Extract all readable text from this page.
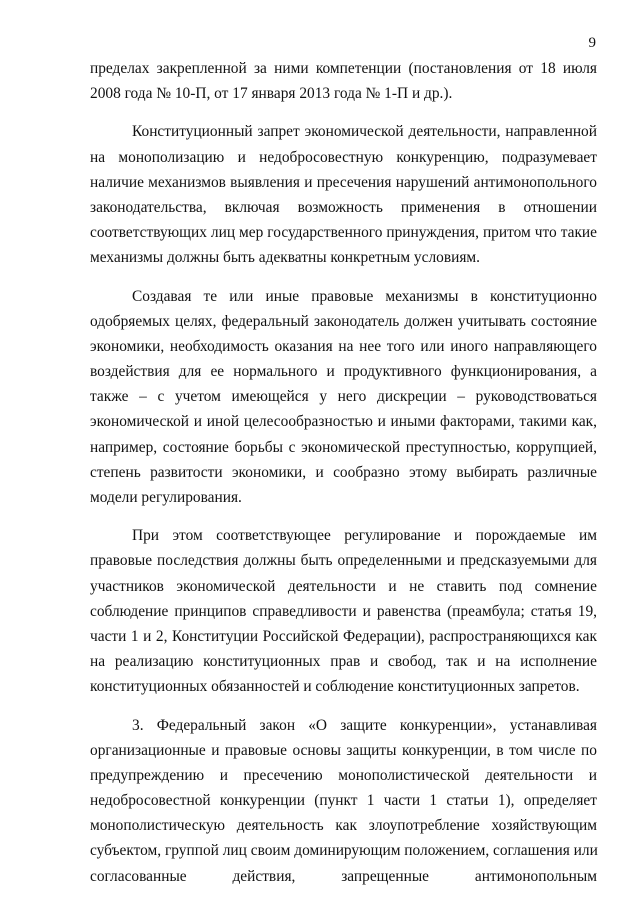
9

пределах закрепленной за ними компетенции (постановления от 18 июля
2008 года № 10-П, от 17 января 2013 года № 1-П и др.).

Конституционный запрет экономической деятельности, направленной
на монополизацию и недобросовестную конкуренцию, подразумевает
наличие механизмов выявления и пресечения нарушений антимонопольного
законодательства, включая возможность применения в отношении
соответствующих лиц мер государственного принуждения, притом что такие
механизмы должны быть адекватны конкретным условиям.

Создавая те или иные правовые механизмы в конституционно
одобряемых целях, федеральный законодатель должен учитывать состояние
экономики, необходимость оказания на нее того или иного направляющего
воздействия для ее нормального и продуктивного функционирования, а
также – с учетом имеющейся у него дискреции – руководствоваться
экономической и иной целесообразностью и иными факторами, такими как,
например, состояние борьбы с экономической преступностью, коррупцией,
степень развитости экономики, и сообразно этому выбирать различные
модели регулирования.

При этом соответствующее регулирование и порождаемые им
правовые последствия должны быть определенными и предсказуемыми для
участников экономической деятельности и не ставить под сомнение
соблюдение принципов справедливости и равенства (преамбула; статья 19,
части 1 и 2, Конституции Российской Федерации), распространяющихся как
на реализацию конституционных прав и свобод, так и на исполнение
конституционных обязанностей и соблюдение конституционных запретов.

3. Федеральный закон «О защите конкуренции», устанавливая
организационные и правовые основы защиты конкуренции, в том числе по
предупреждению и пресечению монополистической деятельности и
недобросовестной конкуренции (пункт 1 части 1 статьи 1), определяет
монополистическую деятельность как злоупотребление хозяйствующим
субъектом, группой лиц своим доминирующим положением, соглашения или
согласованные действия, запрещенные антимонопольным
